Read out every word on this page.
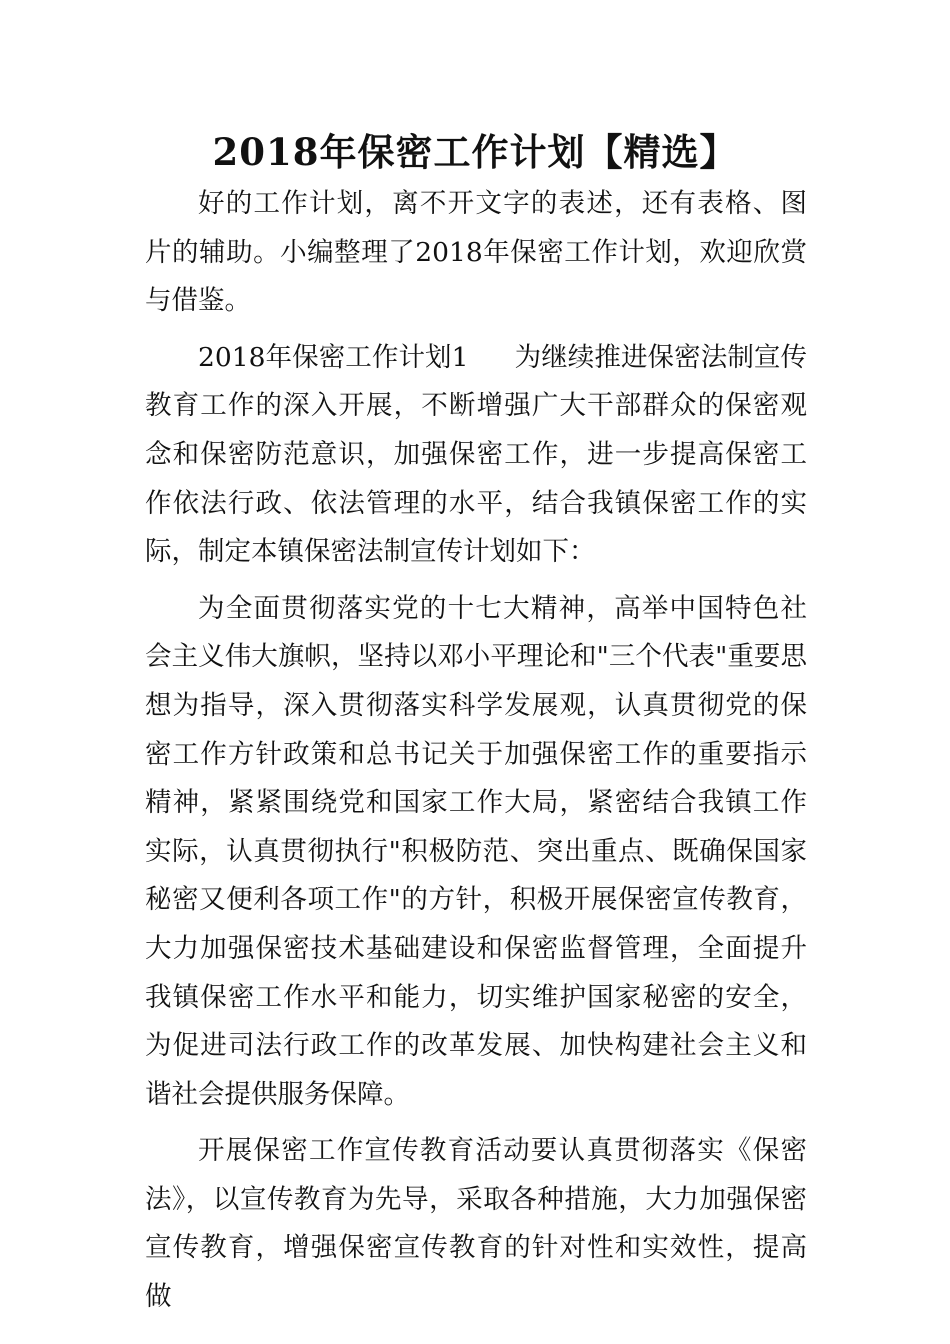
2018年保密工作计划【精选】

好的工作计划，离不开文字的表述，还有表格、图片的辅助。小编整理了2018年保密工作计划，欢迎欣赏与借鉴。

2018年保密工作计划1 为继续推进保密法制宣传教育工作的深入开展，不断增强广大干部群众的保密观念和保密防范意识，加强保密工作，进一步提高保密工作依法行政、依法管理的水平，结合我镇保密工作的实际，制定本镇保密法制宣传计划如下：

为全面贯彻落实党的十七大精神，高举中国特色社会主义伟大旗帜，坚持以邓小平理论和"三个代表"重要思想为指导，深入贯彻落实科学发展观，认真贯彻党的保密工作方针政策和总书记关于加强保密工作的重要指示精神，紧紧围绕党和国家工作大局，紧密结合我镇工作实际，认真贯彻执行"积极防范、突出重点、既确保国家秘密又便利各项工作"的方针，积极开展保密宣传教育，大力加强保密技术基础建设和保密监督管理，全面提升我镇保密工作水平和能力，切实维护国家秘密的安全，为促进司法行政工作的改革发展、加快构建社会主义和谐社会提供服务保障。

开展保密工作宣传教育活动要认真贯彻落实《保密法》，以宣传教育为先导，采取各种措施，大力加强保密宣传教育，增强保密宣传教育的针对性和实效性，提高做
